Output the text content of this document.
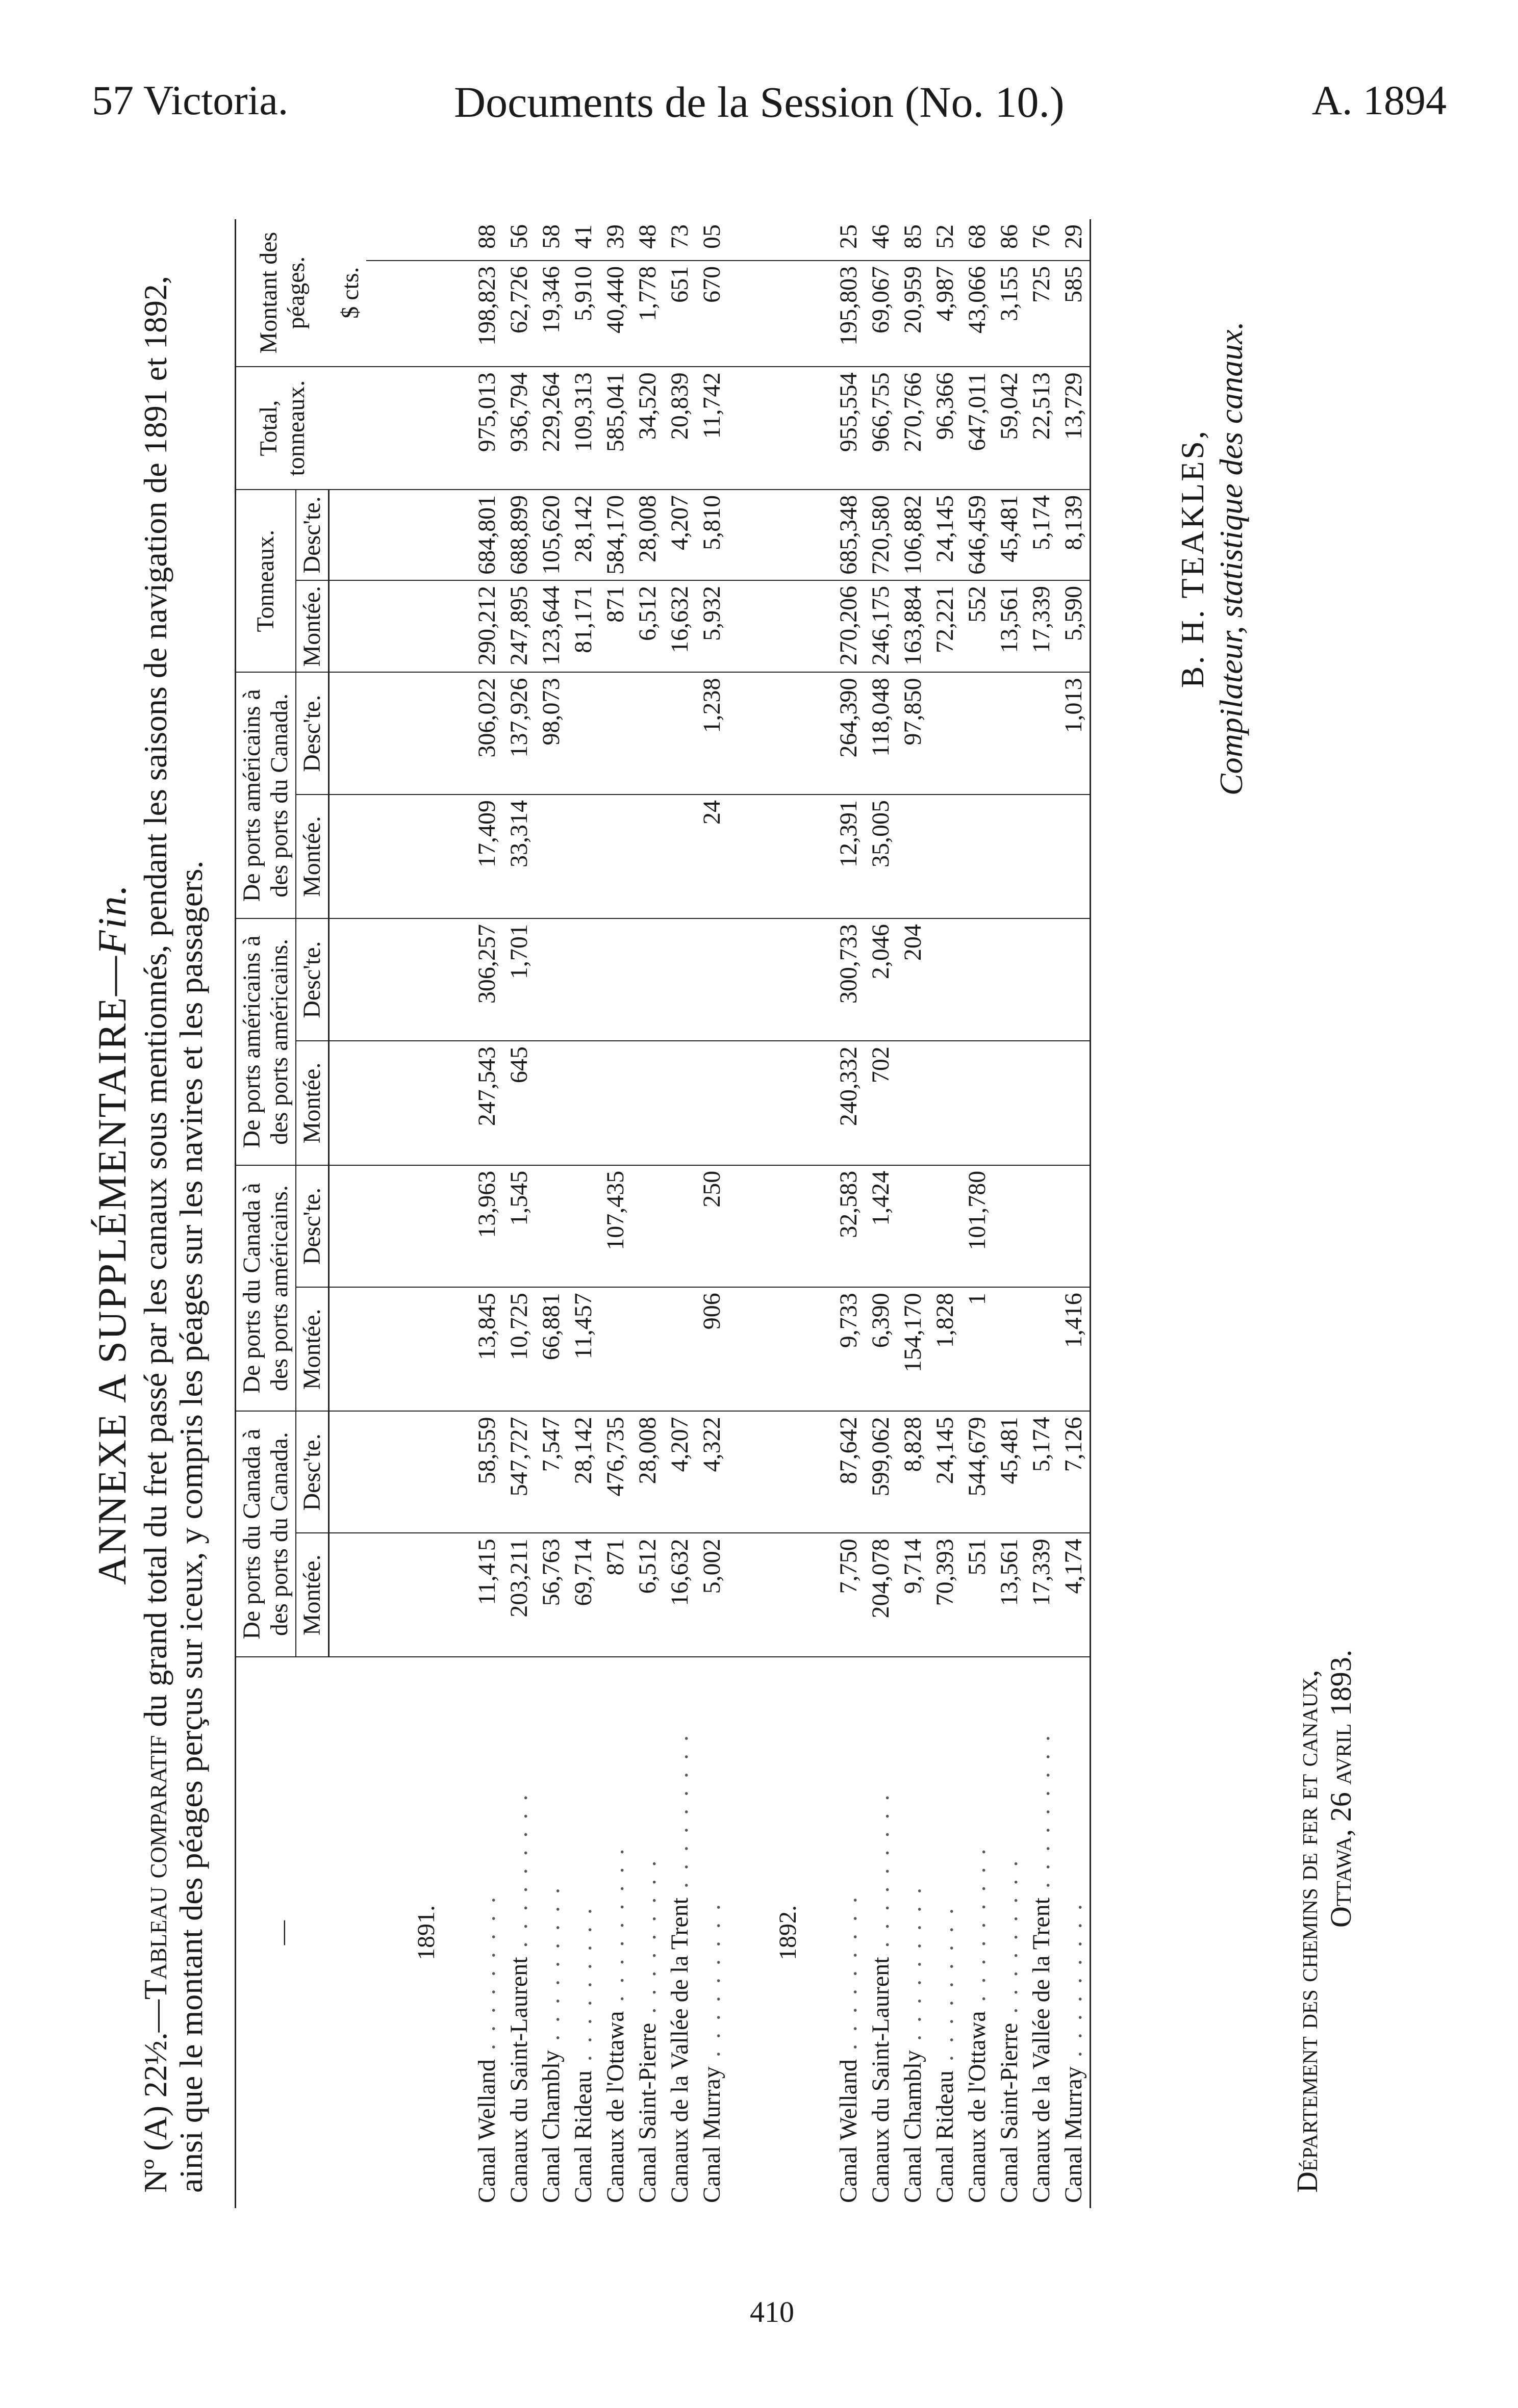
57 Victoria.	Documents de la Session (No. 10.)	A. 1894
ANNEXE A SUPPLÉMENTAIRE—Fin.
Nº (A) 22½.—Tableau comparatif du grand total du fret passé par les canaux sous mentionnés, pendant les saisons de navigation de 1891 et 1892, ainsi que le montant des péages perçus sur iceux, y compris les péages sur les navires et les passagers. —	De ports du Canada à des ports du Canada.		De ports du Canada à des ports américains.		De ports américains à des ports américains.		De ports américains à des ports du Canada.		Tonneaux.		Total, tonneaux.	Montant des péages.	
	Montée.	Desc'te.	Montée.	Desc'te.	Montée.	Desc'te.	Montée.	Desc'te.	Montée.	Desc'te.			
												$ cts.	
1891.													
Canal Welland . . . . . . . . .	11,415	58,559	13,845	13,963	247,543	306,257	17,409	306,022	290,212	684,801	975,013	198,823	88
Canaux du Saint-Laurent . . . . . . . . .	203,211	547,727	10,725	1,545	645	1,701	33,314	137,926	247,895	688,899	936,794	62,726	56
Canal Chambly . . . . . . . . .	56,763	7,547	66,881					98,073	123,644	105,620	229,264	19,346	58
Canal Rideau . . . . . . . . .	69,714	28,142	11,457						81,171	28,142	109,313	5,910	41
Canaux de l'Ottawa . . . . . . . . .	871	476,735		107,435					871	584,170	585,041	40,440	39
Canal Saint-Pierre . . . . . . . . .	6,512	28,008							6,512	28,008	34,520	1,778	48
Canaux de la Vallée de la Trent . . . . . . . . .	16,632	4,207							16,632	4,207	20,839	651	73
Canal Murray . . . . . . . . .	5,002	4,322	906	250			24	1,238	5,932	5,810	11,742	670	05
1892.													
Canal Welland . . . . . . . . .	7,750	87,642	9,733	32,583	240,332	300,733	12,391	264,390	270,206	685,348	955,554	195,803	25
Canaux du Saint-Laurent . . . . . . . . .	204,078	599,062	6,390	1,424	702	2,046	35,005	118,048	246,175	720,580	966,755	69,067	46
Canal Chambly . . . . . . . . .	9,714	8,828	154,170			204		97,850	163,884	106,882	270,766	20,959	85
Canal Rideau . . . . . . . . .	70,393	24,145	1,828						72,221	24,145	96,366	4,987	52
Canaux de l'Ottawa . . . . . . . . .	551	544,679	1	101,780					552	646,459	647,011	43,066	68
Canal Saint-Pierre . . . . . . . . .	13,561	45,481							13,561	45,481	59,042	3,155	86
Canaux de la Vallée de la Trent . . . . . . . . .	17,339	5,174							17,339	5,174	22,513	725	76
Canal Murray . . . . . . . . .	4,174	7,126	1,416					1,013	5,590	8,139	13,729	585	29
Département des chemins de fer et canaux, Ottawa, 26 avril 1893.
B. H. TEAKLES, Compilateur, statistique des canaux.
410
